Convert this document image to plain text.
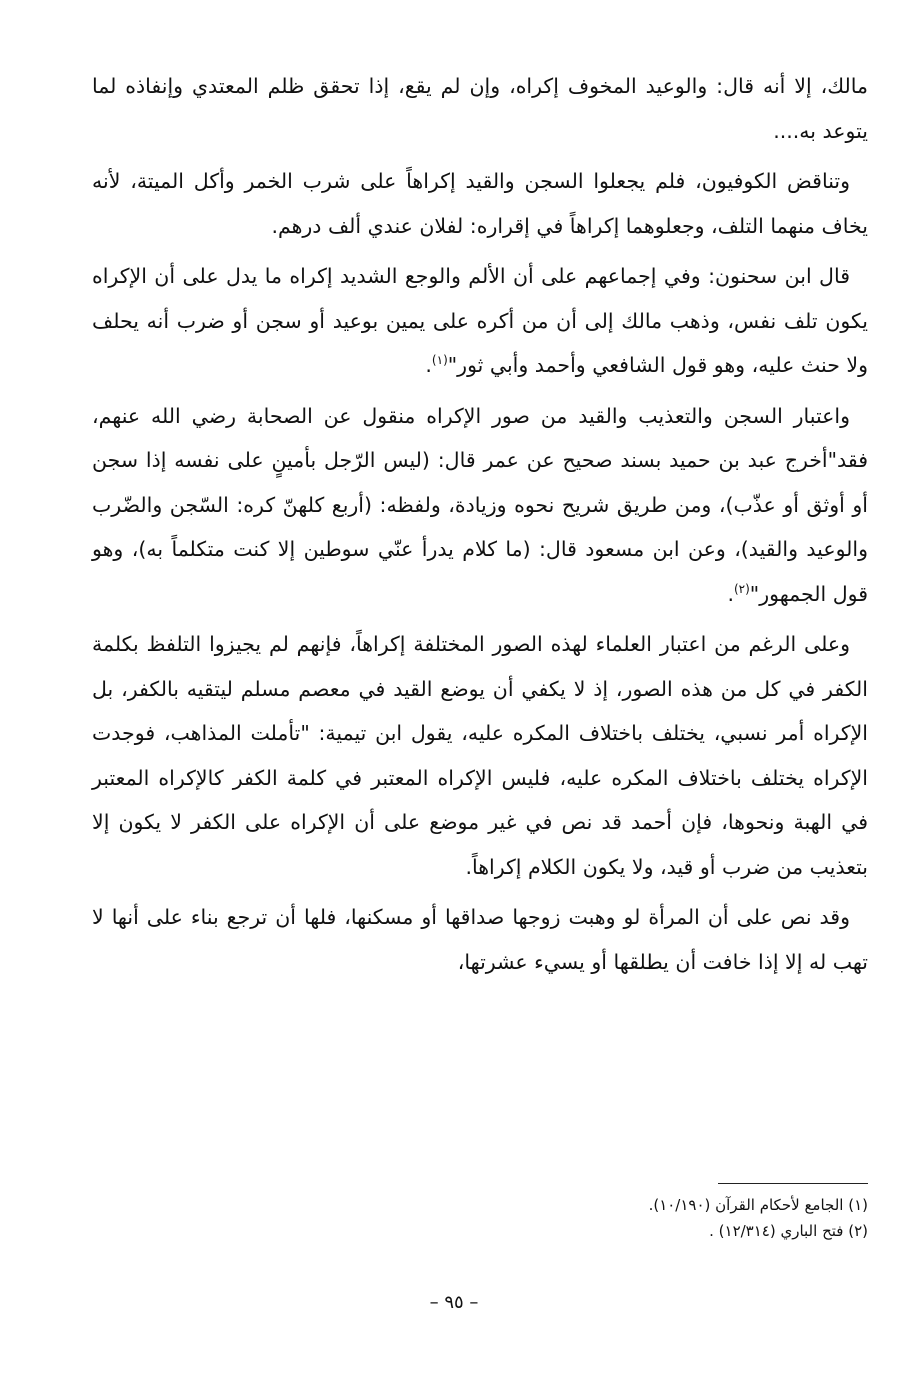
مالك، إلا أنه قال: والوعيد المخوف إكراه، وإن لم يقع، إذا تحقق ظلم المعتدي وإنفاذه لما يتوعد به....

وتناقض الكوفيون، فلم يجعلوا السجن والقيد إكراهاً على شرب الخمر وأكل الميتة، لأنه يخاف منهما التلف، وجعلوهما إكراهاً في إقراره: لفلان عندي ألف درهم.

قال ابن سحنون: وفي إجماعهم على أن الألم والوجع الشديد إكراه ما يدل على أن الإكراه يكون تلف نفس، وذهب مالك إلى أن من أكره على يمين بوعيد أو سجن أو ضرب أنه يحلف ولا حنث عليه، وهو قول الشافعي وأحمد وأبي ثور"$^{(١)}$.

واعتبار السجن والتعذيب والقيد من صور الإكراه منقول عن الصحابة رضي الله عنهم، فقد"أخرج عبد بن حميد بسند صحيح عن عمر قال: (ليس الرّجل بأمينٍ على نفسه إذا سجن أو أوثق أو عذّب)، ومن طريق شريح نحوه وزيادة، ولفظه: (أربع كلهنّ كره: السّجن والضّرب والوعيد والقيد)، وعن ابن مسعود قال: (ما كلام يدرأ عنّي سوطين إلا كنت متكلماً به)، وهو قول الجمهور"$^{(٢)}$.

وعلى الرغم من اعتبار العلماء لهذه الصور المختلفة إكراهاً، فإنهم لم يجيزوا التلفظ بكلمة الكفر في كل من هذه الصور، إذ لا يكفي أن يوضع القيد في معصم مسلم ليتقيه بالكفر، بل الإكراه أمر نسبي، يختلف باختلاف المكره عليه، يقول ابن تيمية: "تأملت المذاهب، فوجدت الإكراه يختلف باختلاف المكره عليه، فليس الإكراه المعتبر في كلمة الكفر كالإكراه المعتبر في الهبة ونحوها، فإن أحمد قد نص في غير موضع على أن الإكراه على الكفر لا يكون إلا بتعذيب من ضرب أو قيد، ولا يكون الكلام إكراهاً.

وقد نص على أن المرأة لو وهبت زوجها صداقها أو مسكنها، فلها أن ترجع بناء على أنها لا تهب له إلا إذا خافت أن يطلقها أو يسيء عشرتها،

(١) الجامع لأحكام القرآن (١٠/١٩٠).
(٢) فتح الباري (١٢/٣١٤) .
– ٩٥ –
